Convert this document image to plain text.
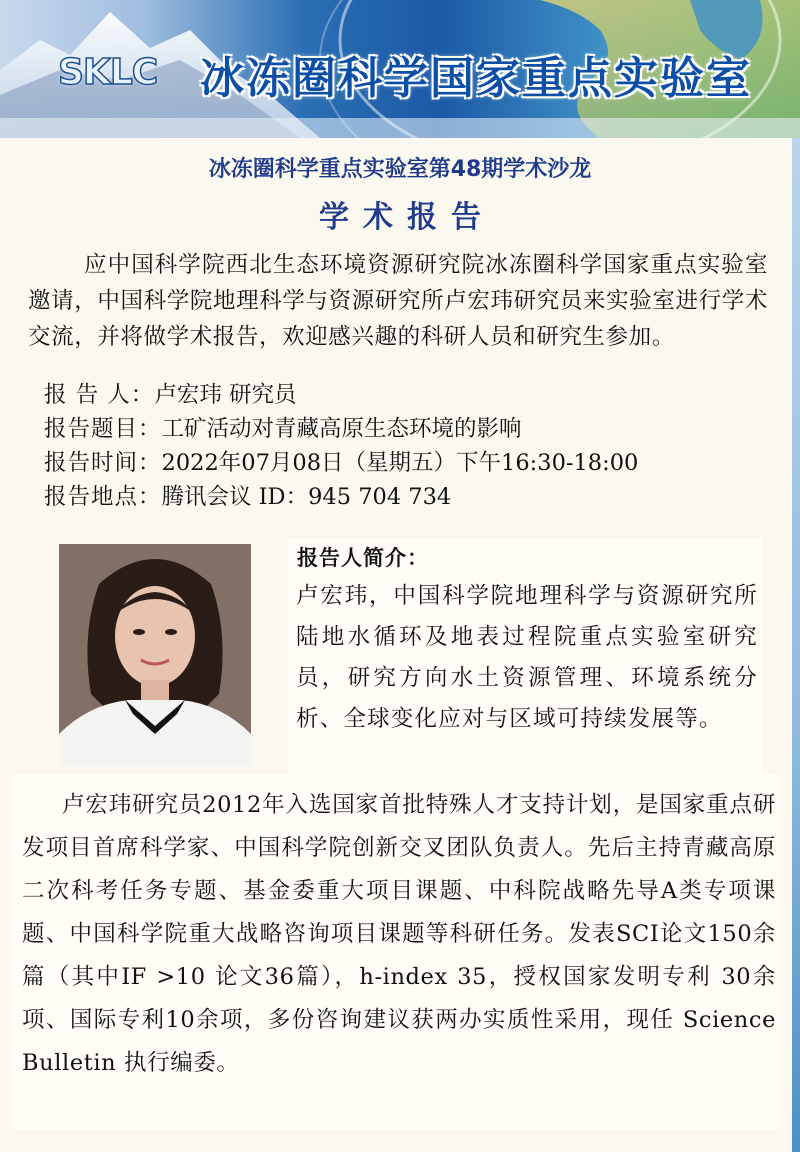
SKLC 冰冻圈科学国家重点实验室
冰冻圈科学重点实验室第48期学术沙龙
学术报告
应中国科学院西北生态环境资源研究院冰冻圈科学国家重点实验室邀请，中国科学院地理科学与资源研究所卢宏玮研究员来实验室进行学术交流，并将做学术报告，欢迎感兴趣的科研人员和研究生参加。
报 告 人： 卢宏玮 研究员
报告题目： 工矿活动对青藏高原生态环境的影响
报告时间： 2022年07月08日（星期五）下午16:30-18:00
报告地点： 腾讯会议 ID：945 704 734
报告人简介：
卢宏玮，中国科学院地理科学与资源研究所陆地水循环及地表过程院重点实验室研究员，研究方向水土资源管理、环境系统分析、全球变化应对与区域可持续发展等。
卢宏玮研究员2012年入选国家首批特殊人才支持计划，是国家重点研发项目首席科学家、中国科学院创新交叉团队负责人。先后主持青藏高原二次科考任务专题、基金委重大项目课题、中科院战略先导A类专项课题、中国科学院重大战略咨询项目课题等科研任务。发表SCI论文150余篇（其中IF >10 论文36篇），h-index 35，授权国家发明专利 30余项、国际专利10余项，多份咨询建议获两办实质性采用，现任 Science Bulletin 执行编委。
